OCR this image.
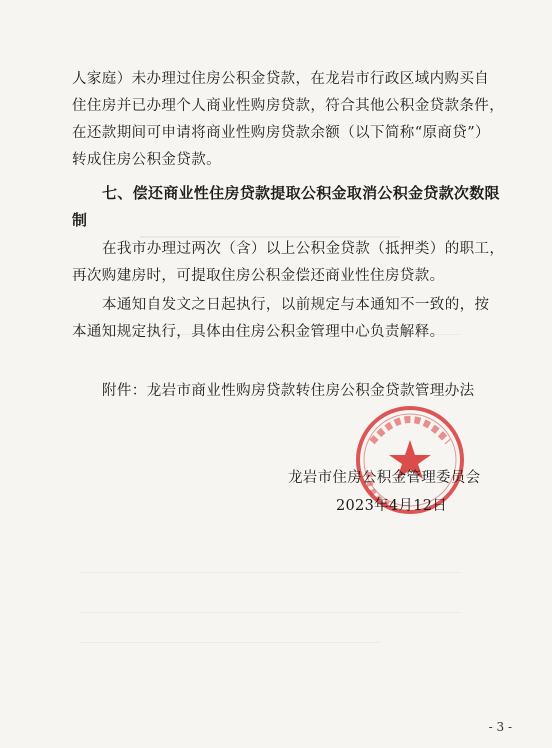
人家庭）未办理过住房公积金贷款，在龙岩市行政区域内购买自
住住房并已办理个人商业性购房贷款，符合其他公积金贷款条件，
在还款期间可申请将商业性购房贷款余额（以下简称“原商贷”）
转成住房公积金贷款。
七、偿还商业性住房贷款提取公积金取消公积金贷款次数限
制
在我市办理过两次（含）以上公积金贷款（抵押类）的职工，
再次购建房时，可提取住房公积金偿还商业性住房贷款。
本通知自发文之日起执行，以前规定与本通知不一致的，按
本通知规定执行，具体由住房公积金管理中心负责解释。
附件：龙岩市商业性购房贷款转住房公积金贷款管理办法
龙岩市住房公积金管理委员会
2023年4月12日
- 3 -
